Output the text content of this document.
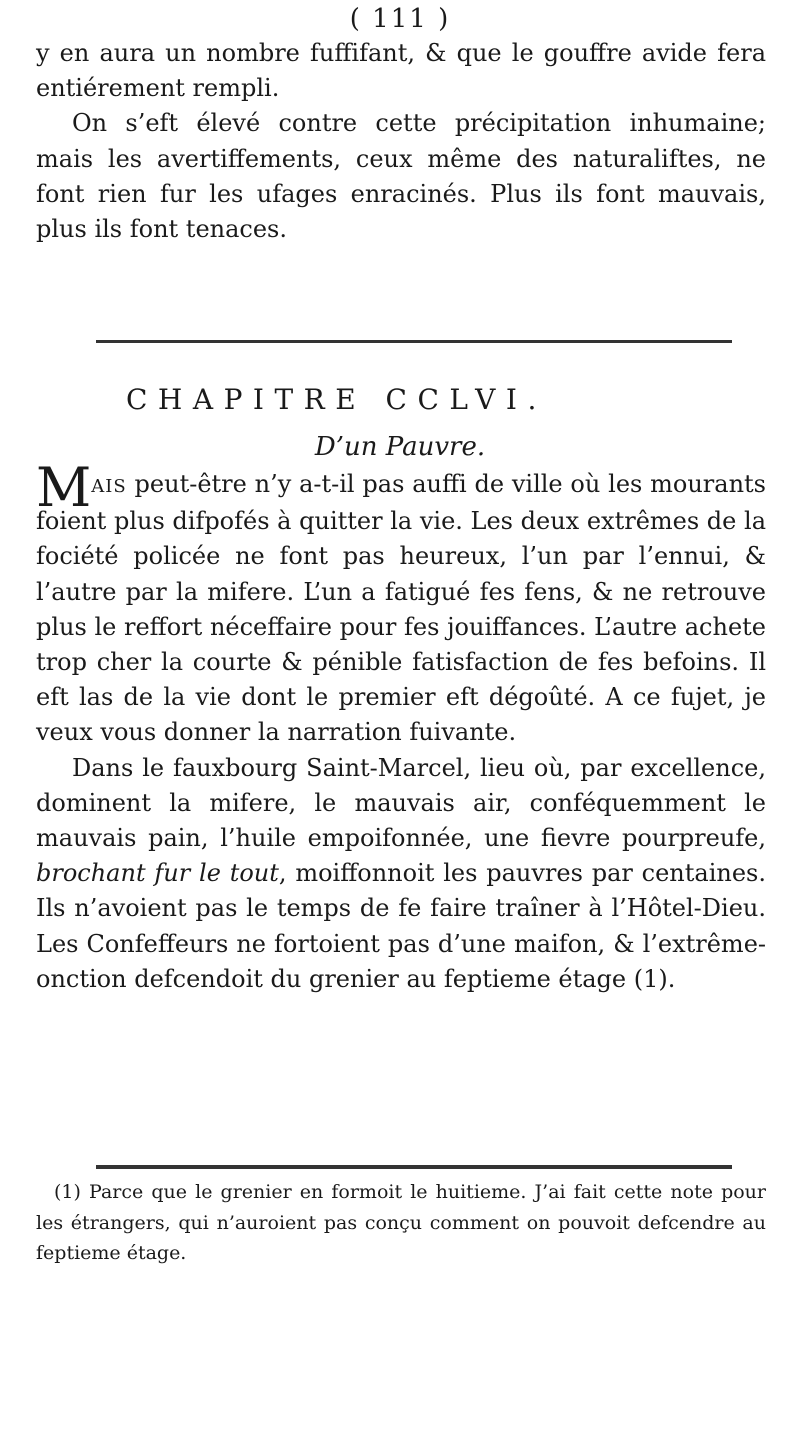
( 111 )

y en aura un nombre fuffifant, & que le gouffre avide fera entiérement rempli.

On s’eft élevé contre cette précipitation inhumaine; mais les avertiffements, ceux même des naturaliftes, ne font rien fur les ufages enracinés. Plus ils font mauvais, plus ils font tenaces.

CHAPITRE CCLVI.
D’un Pauvre.

MAIS peut-être n’y a-t-il pas auffi de ville où les mourants foient plus difpofés à quitter la vie. Les deux extrêmes de la fociété policée ne font pas heureux, l’un par l’ennui, & l’autre par la mifere. L’un a fatigué fes fens, & ne retrouve plus le reffort néceffaire pour fes jouiffances. L’autre achete trop cher la courte & pénible fatisfaction de fes befoins. Il eft las de la vie dont le premier eft dégoûté. A ce fujet, je veux vous donner la narration fuivante.

Dans le fauxbourg Saint-Marcel, lieu où, par excellence, dominent la mifere, le mauvais air, conféquemment le mauvais pain, l’huile empoifonnée, une fievre pourpreufe, brochant fur le tout, moiffonnoit les pauvres par centaines. Ils n’avoient pas le temps de fe faire traîner à l’Hôtel-Dieu. Les Confeffeurs ne fortoient pas d’une maifon, & l’extrême-onction defcendoit du grenier au feptieme étage (1).

(1) Parce que le grenier en formoit le huitieme. J’ai fait cette note pour les étrangers, qui n’auroient pas conçu comment on pouvoit defcendre au feptieme étage.
